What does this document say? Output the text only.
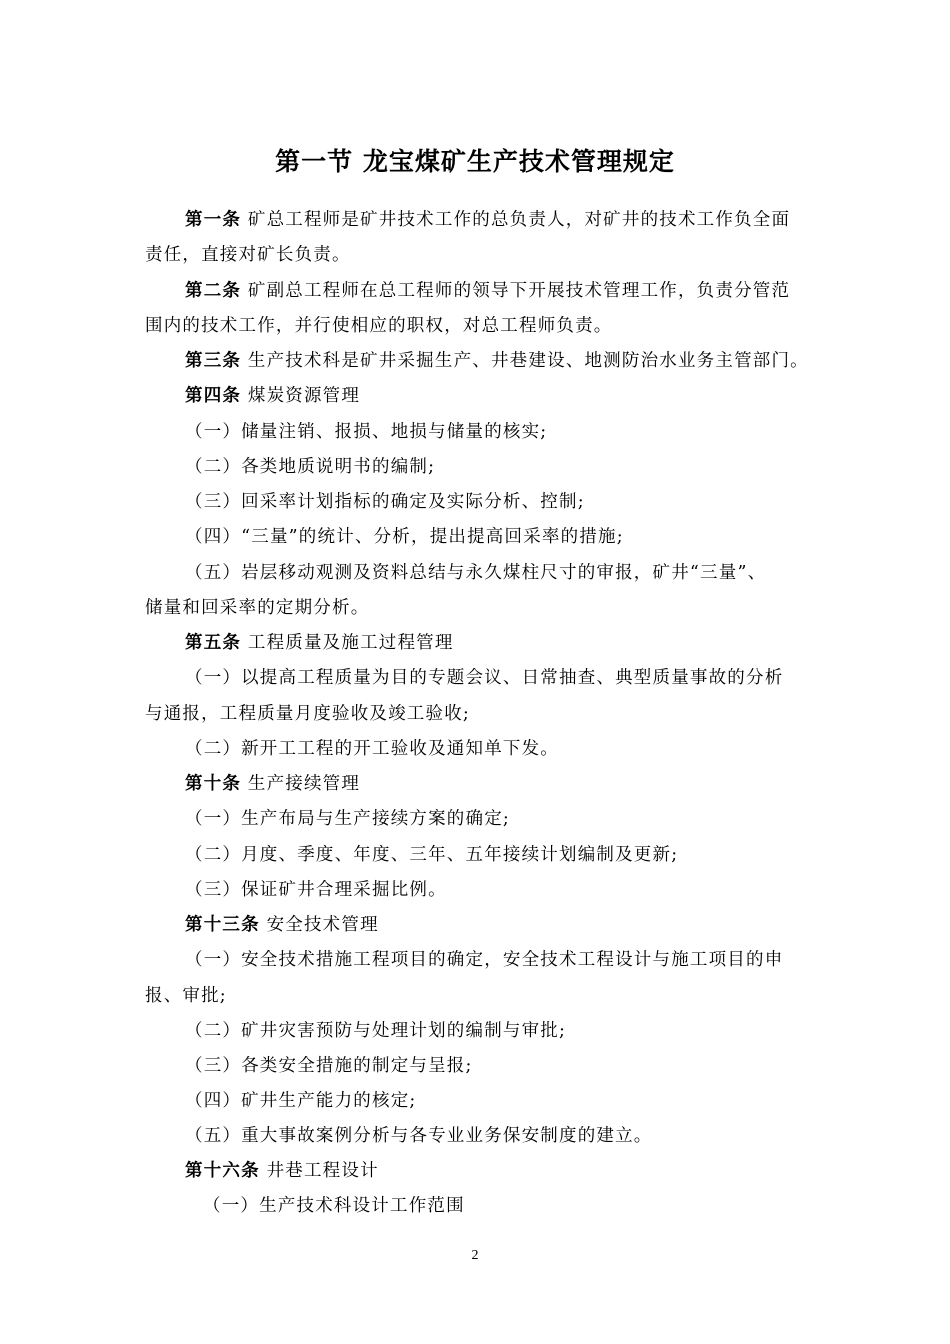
第一节 龙宝煤矿生产技术管理规定
第一条 矿总工程师是矿井技术工作的总负责人，对矿井的技术工作负全面
责任，直接对矿长负责。
第二条 矿副总工程师在总工程师的领导下开展技术管理工作，负责分管范
围内的技术工作，并行使相应的职权，对总工程师负责。
第三条 生产技术科是矿井采掘生产、井巷建设、地测防治水业务主管部门。
第四条 煤炭资源管理
（一）储量注销、报损、地损与储量的核实;
（二）各类地质说明书的编制;
（三）回采率计划指标的确定及实际分析、控制;
（四）“三量”的统计、分析，提出提高回采率的措施;
（五）岩层移动观测及资料总结与永久煤柱尺寸的审报，矿井“三量”、
储量和回采率的定期分析。
第五条 工程质量及施工过程管理
（一）以提高工程质量为目的专题会议、日常抽查、典型质量事故的分析
与通报，工程质量月度验收及竣工验收;
（二）新开工工程的开工验收及通知单下发。
第十条 生产接续管理
（一）生产布局与生产接续方案的确定;
（二）月度、季度、年度、三年、五年接续计划编制及更新;
（三）保证矿井合理采掘比例。
第十三条 安全技术管理
（一）安全技术措施工程项目的确定，安全技术工程设计与施工项目的申
报、审批;
（二）矿井灾害预防与处理计划的编制与审批;
（三）各类安全措施的制定与呈报;
（四）矿井生产能力的核定;
（五）重大事故案例分析与各专业业务保安制度的建立。
第十六条 井巷工程设计
（一）生产技术科设计工作范围
2
